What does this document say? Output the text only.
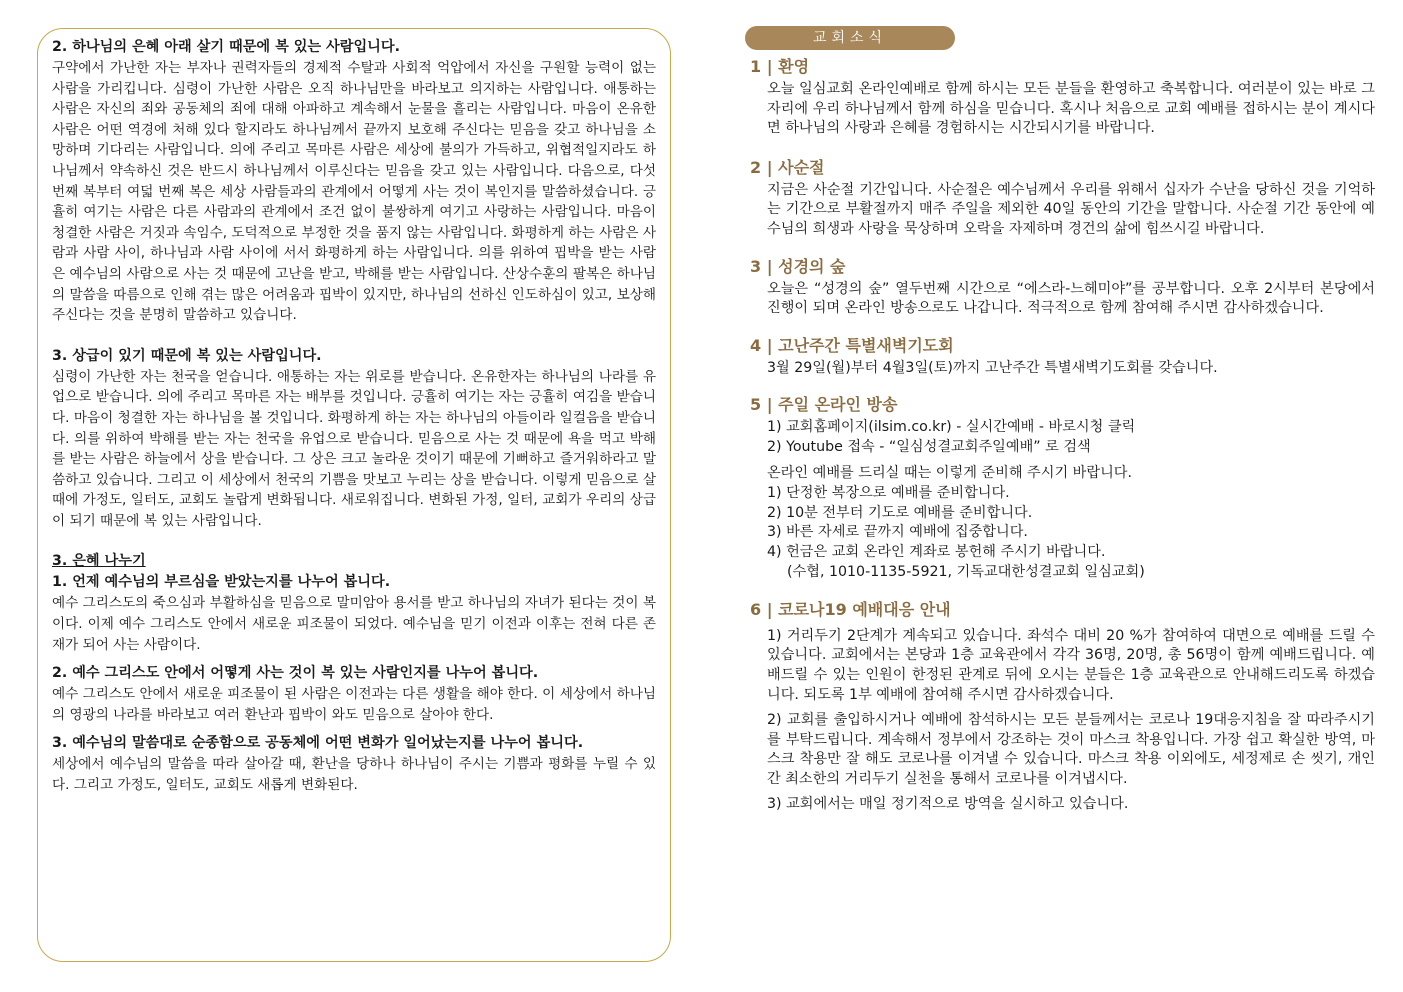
2. 하나님의 은혜 아래 살기 때문에 복 있는 사람입니다.

구약에서 가난한 자는 부자나 권력자들의 경제적 수탈과 사회적 억압에서 자신을 구원할 능력이 없는 사람을 가리킵니다. 심령이 가난한 사람은 오직 하나님만을 바라보고 의지하는 사람입니다. 애통하는 사람은 자신의 죄와 공동체의 죄에 대해 아파하고 계속해서 눈물을 흘리는 사람입니다. 마음이 온유한 사람은 어떤 역경에 처해 있다 할지라도 하나님께서 끝까지 보호해 주신다는 믿음을 갖고 하나님을 소망하며 기다리는 사람입니다. 의에 주리고 목마른 사람은 세상에 불의가 가득하고, 위협적일지라도 하나님께서 약속하신 것은 반드시 하나님께서 이루신다는 믿음을 갖고 있는 사람입니다. 다음으로, 다섯 번째 복부터 여덟 번째 복은 세상 사람들과의 관계에서 어떻게 사는 것이 복인지를 말씀하셨습니다. 긍휼히 여기는 사람은 다른 사람과의 관계에서 조건 없이 불쌍하게 여기고 사랑하는 사람입니다. 마음이 청결한 사람은 거짓과 속임수, 도덕적으로 부정한 것을 품지 않는 사람입니다. 화평하게 하는 사람은 사람과 사람 사이, 하나님과 사람 사이에 서서 화평하게 하는 사람입니다. 의를 위하여 핍박을 받는 사람은 예수님의 사람으로 사는 것 때문에 고난을 받고, 박해를 받는 사람입니다. 산상수훈의 팔복은 하나님의 말씀을 따름으로 인해 겪는 많은 어려움과 핍박이 있지만, 하나님의 선하신 인도하심이 있고, 보상해 주신다는 것을 분명히 말씀하고 있습니다.

3. 상급이 있기 때문에 복 있는 사람입니다.

심령이 가난한 자는 천국을 얻습니다. 애통하는 자는 위로를 받습니다. 온유한자는 하나님의 나라를 유업으로 받습니다. 의에 주리고 목마른 자는 배부를 것입니다. 긍휼히 여기는 자는 긍휼히 여김을 받습니다. 마음이 청결한 자는 하나님을 볼 것입니다. 화평하게 하는 자는 하나님의 아들이라 일컬음을 받습니다. 의를 위하여 박해를 받는 자는 천국을 유업으로 받습니다. 믿음으로 사는 것 때문에 욕을 먹고 박해를 받는 사람은 하늘에서 상을 받습니다. 그 상은 크고 놀라운 것이기 때문에 기뻐하고 즐거워하라고 말씀하고 있습니다. 그리고 이 세상에서 천국의 기쁨을 맛보고 누리는 상을 받습니다. 이렇게 믿음으로 살 때에 가정도, 일터도, 교회도 놀랍게 변화됩니다. 새로워집니다. 변화된 가정, 일터, 교회가 우리의 상급이 되기 때문에 복 있는 사람입니다.

3. 은혜 나누기

1. 언제 예수님의 부르심을 받았는지를 나누어 봅니다.

예수 그리스도의 죽으심과 부활하심을 믿음으로 말미암아 용서를 받고 하나님의 자녀가 된다는 것이 복이다. 이제 예수 그리스도 안에서 새로운 피조물이 되었다. 예수님을 믿기 이전과 이후는 전혀 다른 존재가 되어 사는 사람이다.

2. 예수 그리스도 안에서 어떻게 사는 것이 복 있는 사람인지를 나누어 봅니다.

예수 그리스도 안에서 새로운 피조물이 된 사람은 이전과는 다른 생활을 해야 한다. 이 세상에서 하나님의 영광의 나라를 바라보고 여러 환난과 핍박이 와도 믿음으로 살아야 한다.

3. 예수님의 말씀대로 순종함으로 공동체에 어떤 변화가 일어났는지를 나누어 봅니다.

세상에서 예수님의 말씀을 따라 살아갈 때, 환난을 당하나 하나님이 주시는 기쁨과 평화를 누릴 수 있다. 그리고 가정도, 일터도, 교회도 새롭게 변화된다.

교회소식

1 | 환영

오늘 일심교회 온라인예배로 함께 하시는 모든 분들을 환영하고 축복합니다. 여러분이 있는 바로 그 자리에 우리 하나님께서 함께 하심을 믿습니다. 혹시나 처음으로 교회 예배를 접하시는 분이 계시다면 하나님의 사랑과 은혜를 경험하시는 시간되시기를 바랍니다.

2 | 사순절

지금은 사순절 기간입니다. 사순절은 예수님께서 우리를 위해서 십자가 수난을 당하신 것을 기억하는 기간으로 부활절까지 매주 주일을 제외한 40일 동안의 기간을 말합니다. 사순절 기간 동안에 예수님의 희생과 사랑을 묵상하며 오락을 자제하며 경건의 삶에 힘쓰시길 바랍니다.

3 | 성경의 숲

오늘은 “성경의 숲” 열두번째 시간으로 “에스라-느헤미야”를 공부합니다. 오후 2시부터 본당에서 진행이 되며 온라인 방송으로도 나갑니다. 적극적으로 함께 참여해 주시면 감사하겠습니다.

4 | 고난주간 특별새벽기도회

3월 29일(월)부터 4월3일(토)까지 고난주간 특별새벽기도회를 갖습니다.

5 | 주일 온라인 방송

1) 교회홈페이지(ilsim.co.kr) - 실시간예배 - 바로시청 클릭
2) Youtube 접속 - “일심성결교회주일예배” 로 검색
온라인 예배를 드리실 때는 이렇게 준비해 주시기 바랍니다.
1) 단정한 복장으로 예배를 준비합니다.
2) 10분 전부터 기도로 예배를 준비합니다.
3) 바른 자세로 끝까지 예배에 집중합니다.
4) 헌금은 교회 온라인 계좌로 봉헌해 주시기 바랍니다.
(수협, 1010-1135-5921, 기독교대한성결교회 일심교회)

6 | 코로나19 예배대응 안내

1) 거리두기 2단계가 계속되고 있습니다. 좌석수 대비 20 %가 참여하여 대면으로 예배를 드릴 수 있습니다. 교회에서는 본당과 1층 교육관에서 각각 36명, 20명, 총 56명이 함께 예배드립니다. 예배드릴 수 있는 인원이 한정된 관계로 뒤에 오시는 분들은 1층 교육관으로 안내해드리도록 하겠습니다. 되도록 1부 예배에 참여해 주시면 감사하겠습니다.

2) 교회를 출입하시거나 예배에 참석하시는 모든 분들께서는 코로나 19대응지침을 잘 따라주시기를 부탁드립니다. 계속해서 정부에서 강조하는 것이 마스크 착용입니다. 가장 쉽고 확실한 방역, 마스크 착용만 잘 해도 코로나를 이겨낼 수 있습니다. 마스크 착용 이외에도, 세정제로 손 씻기, 개인 간 최소한의 거리두기 실천을 통해서 코로나를 이겨냅시다.

3) 교회에서는 매일 정기적으로 방역을 실시하고 있습니다.
